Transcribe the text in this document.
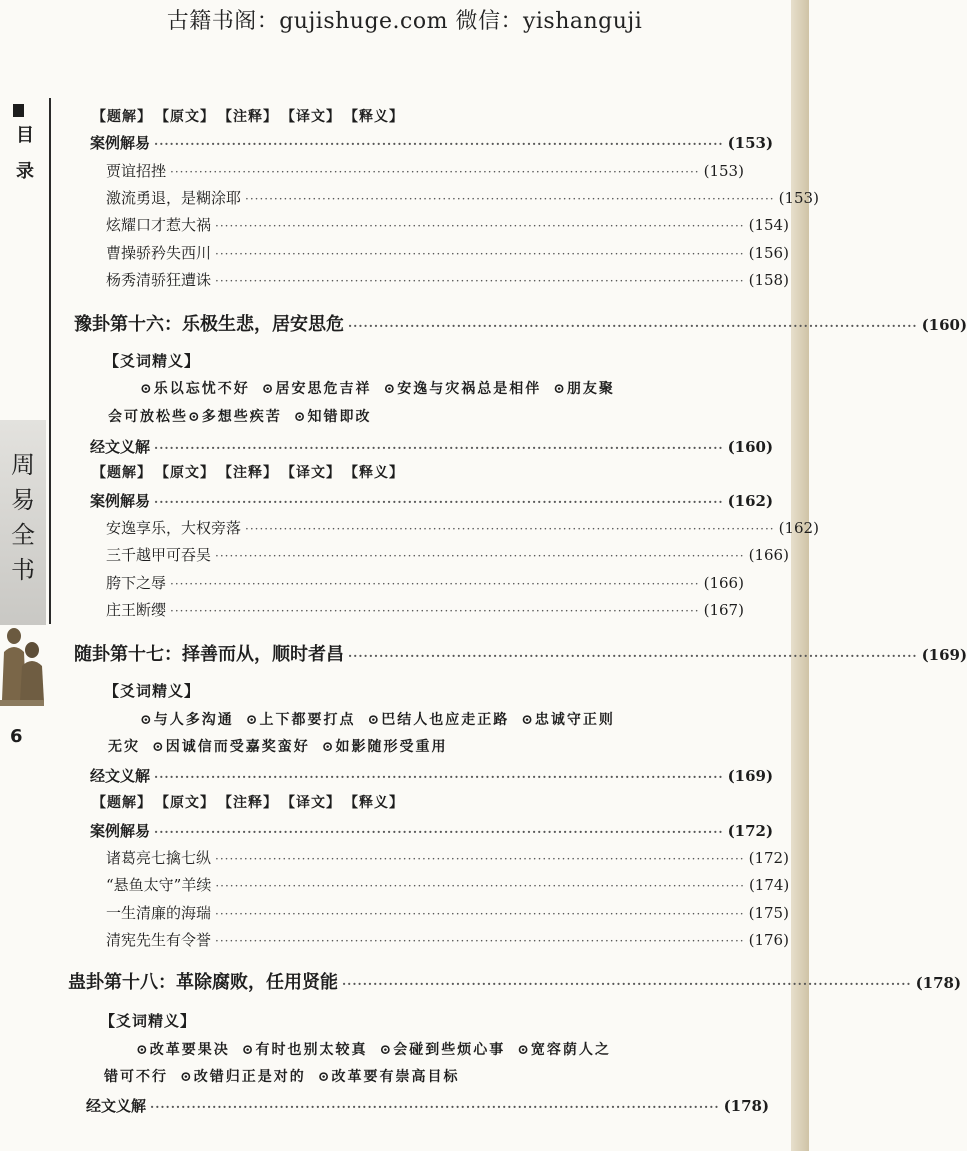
古籍书阁：gujishuge.com 微信：yishanguji
目
录
周
易
全
书
6
【题解】 【原文】 【注释】 【译文】 【释义】
案例解易 ·············································································································· (153)
贾谊招挫 ·············································································································· (153)
激流勇退，是糊涂耶 ·············································································································· (153)
炫耀口才惹大祸 ·············································································································· (154)
曹操骄矜失西川 ·············································································································· (156)
杨秀清骄狂遭诛 ·············································································································· (158)
豫卦第十六：乐极生悲，居安思危 ·············································································································· (160)
【爻词精义】
⊙乐以忘忧不好 ⊙居安思危吉祥 ⊙安逸与灾祸总是相伴 ⊙朋友聚
会可放松些⊙多想些疾苦 ⊙知错即改
经文义解 ·············································································································· (160)
【题解】 【原文】 【注释】 【译文】 【释义】
案例解易 ·············································································································· (162)
安逸享乐，大权旁落 ·············································································································· (162)
三千越甲可吞吴 ·············································································································· (166)
胯下之辱 ·············································································································· (166)
庄王断缨 ·············································································································· (167)
随卦第十七：择善而从，顺时者昌 ·············································································································· (169)
【爻词精义】
⊙与人多沟通 ⊙上下都要打点 ⊙巴结人也应走正路 ⊙忠诚守正则
无灾 ⊙因诚信而受嘉奖蛮好 ⊙如影随形受重用
经文义解 ·············································································································· (169)
【题解】 【原文】 【注释】 【译文】 【释义】
案例解易 ·············································································································· (172)
诸葛亮七擒七纵 ·············································································································· (172)
“悬鱼太守”羊续 ·············································································································· (174)
一生清廉的海瑞 ·············································································································· (175)
清宪先生有令誉 ·············································································································· (176)
蛊卦第十八：革除腐败，任用贤能 ·············································································································· (178)
【爻词精义】
⊙改革要果决 ⊙有时也别太较真 ⊙会碰到些烦心事 ⊙宽容荫人之
错可不行 ⊙改错归正是对的 ⊙改革要有崇高目标
经文义解 ·············································································································· (178)
